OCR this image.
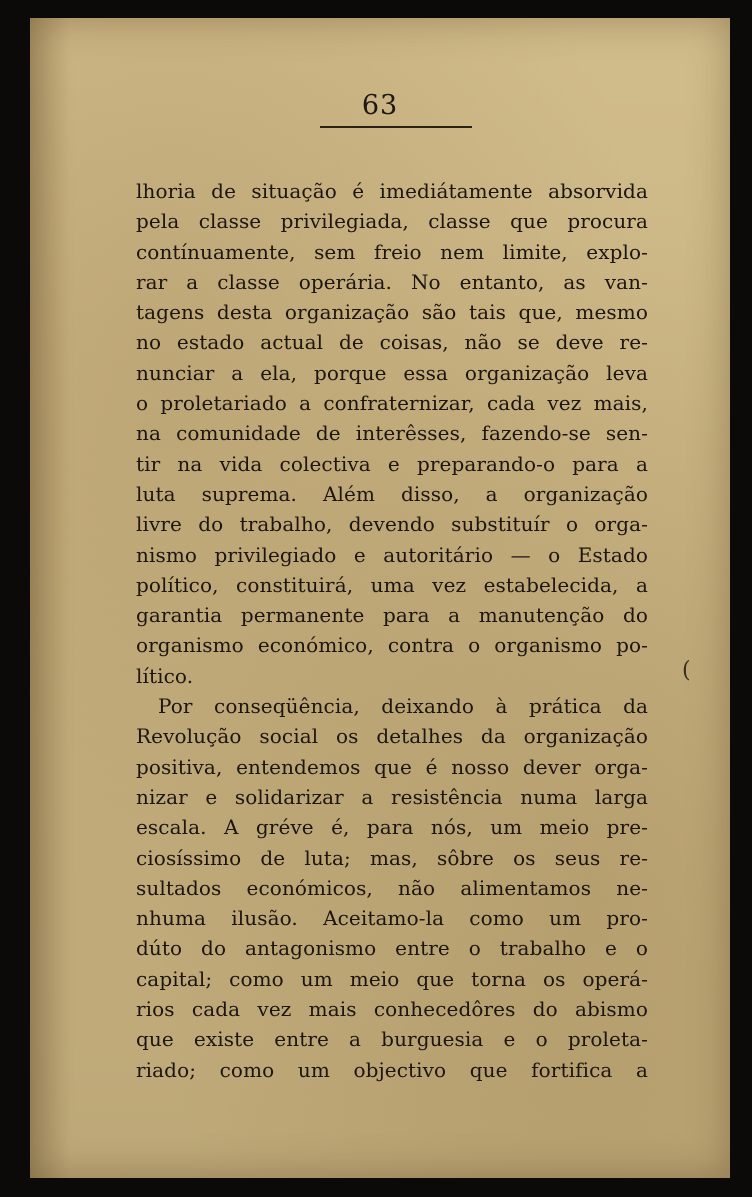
63
(
lhoria de situação é imediátamente absorvida
pela classe privilegiada, classe que procura
contínuamente, sem freio nem limite, explo-
rar a classe operária. No entanto, as van-
tagens desta organização são tais que, mesmo
no estado actual de coisas, não se deve re-
nunciar a ela, porque essa organização leva
o proletariado a confraternizar, cada vez mais,
na comunidade de interêsses, fazendo-se sen-
tir na vida colectiva e preparando-o para a
luta suprema. Além disso, a organização
livre do trabalho, devendo substituír o orga-
nismo privilegiado e autoritário — o Estado
político, constituirá, uma vez estabelecida, a
garantia permanente para a manutenção do
organismo económico, contra o organismo po-
lítico.
Por conseqüência, deixando à prática da
Revolução social os detalhes da organização
positiva, entendemos que é nosso dever orga-
nizar e solidarizar a resistência numa larga
escala. A gréve é, para nós, um meio pre-
ciosíssimo de luta; mas, sôbre os seus re-
sultados económicos, não alimentamos ne-
nhuma ilusão. Aceitamo-la como um pro-
dúto do antagonismo entre o trabalho e o
capital; como um meio que torna os operá-
rios cada vez mais conhecedôres do abismo
que existe entre a burguesia e o proleta-
riado; como um objectivo que fortifica a
